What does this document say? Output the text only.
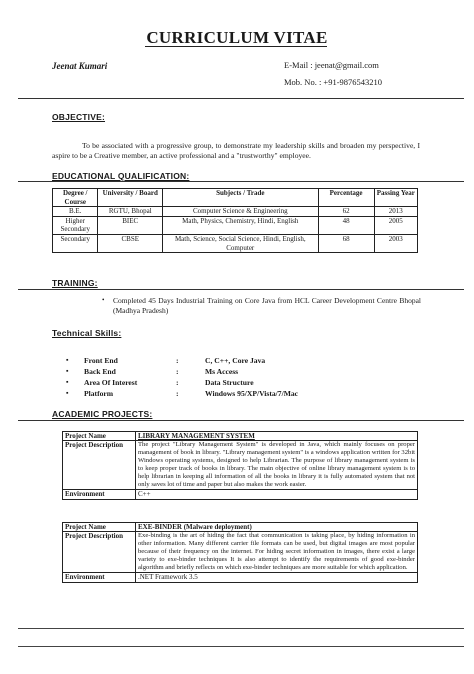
CURRICULUM VITAE
Jeenat Kumari	E-Mail : jeenat@gmail.com
Mob. No. : +91-9876543210
OBJECTIVE:
To be associated with a progressive group, to demonstrate my leadership skills and broaden my perspective, I aspire to be a Creative member, an active professional and a "trustworthy" employee.
EDUCATIONAL QUALIFICATION:
Degree / Course	University / Board	Subjects / Trade	Percentage	Passing Year
B.E.	RGTU, Bhopal	Computer Science & Engineering	62	2013
Higher Secondary	BIEC	Math, Physics, Chemistry, Hindi, English	48	2005
Secondary	CBSE	Math, Science, Social Science, Hindi, English, Computer	68	2003
TRAINING:
• Completed 45 Days Industrial Training on Core Java from HCL Career Development Centre Bhopal (Madhya Pradesh)
Technical Skills:
▪ Front End	:	C, C++, Core Java
▪ Back End	:	Ms Access
▪ Area Of Interest	:	Data Structure
▪ Platform	:	Windows 95/XP/Vista/7/Mac
ACADEMIC PROJECTS:
Project Name	LIBRARY MANAGEMENT SYSTEM
Project Description	The project "Library Management System" is developed in Java, which mainly focuses on proper management of book in library. "Library management system" is a windows application written for 32bit Windows operating systems, designed to help Librarian. The purpose of library management system is to keep proper track of books in library. The main objective of online library management system is to help librarian in keeping all information of all the books in library it is fully automated system that not only saves lot of time and paper but also makes the work easier.
Environment	C++
Project Name	EXE-BINDER (Malware deployment)
Project Description	Exe-binding is the art of hiding the fact that communication is taking place, by hiding information in other information. Many different carrier file formats can be used, but digital images are most popular because of their frequency on the internet. For hiding secret information in images, there exist a large variety to exe-binder techniques It is also attempt to identify the requirements of good exe-binder algorithm and briefly reflects on which exe-binder techniques are more suitable for which application.
Environment	.NET Framework 3.5
